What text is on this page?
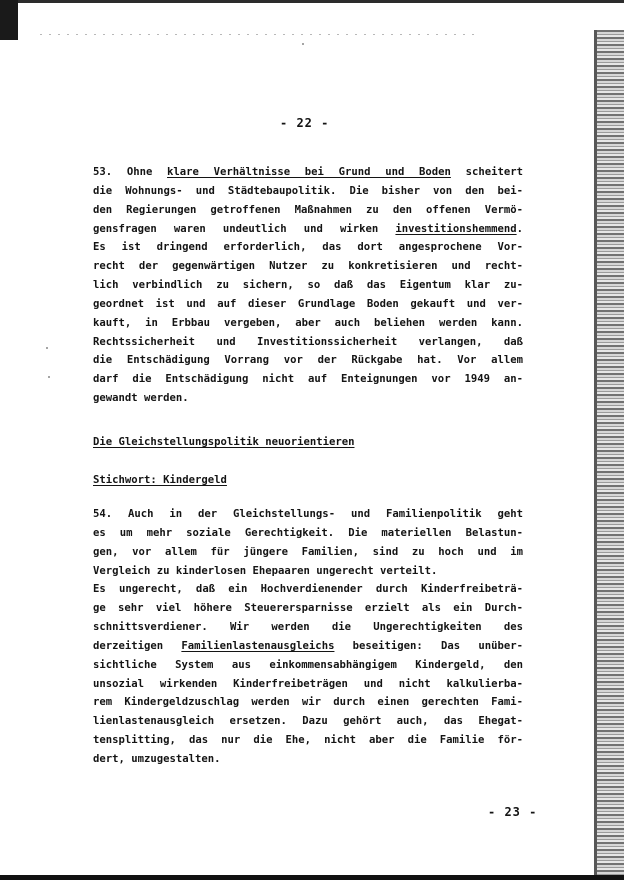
- 22 -
53. Ohne klare Verhältnisse bei Grund und Boden scheitert
die Wohnungs- und Städtebaupolitik. Die bisher von den bei-
den Regierungen getroffenen Maßnahmen zu den offenen Vermö-
gensfragen waren undeutlich und wirken investitionshemmend.
Es ist dringend erforderlich, das dort angesprochene Vor-
recht der gegenwärtigen Nutzer zu konkretisieren und recht-
lich verbindlich zu sichern, so daß das Eigentum klar zu-
geordnet ist und auf dieser Grundlage Boden gekauft und ver-
kauft, in Erbbau vergeben, aber auch beliehen werden kann.
Rechtssicherheit und Investitionssicherheit verlangen, daß
die Entschädigung Vorrang vor der Rückgabe hat. Vor allem
darf die Entschädigung nicht auf Enteignungen vor 1949 an-
gewandt werden.
Die Gleichstellungspolitik neuorientieren
Stichwort: Kindergeld
54. Auch in der Gleichstellungs- und Familienpolitik geht
es um mehr soziale Gerechtigkeit. Die materiellen Belastun-
gen, vor allem für jüngere Familien, sind zu hoch und im
Vergleich zu kinderlosen Ehepaaren ungerecht verteilt.
Es ungerecht, daß ein Hochverdienender durch Kinderfreibeträ-
ge sehr viel höhere Steuerersparnisse erzielt als ein Durch-
schnittsverdiener. Wir werden die Ungerechtigkeiten des
derzeitigen Familienlastenausgleichs beseitigen: Das unüber-
sichtliche System aus einkommensabhängigem Kindergeld, den
unsozial wirkenden Kinderfreibeträgen und nicht kalkulierba-
rem Kindergeldzuschlag werden wir durch einen gerechten Fami-
lienlastenausgleich ersetzen. Dazu gehört auch, das Ehegat-
tensplitting, das nur die Ehe, nicht aber die Familie för-
dert, umzugestalten.
- 23 -
